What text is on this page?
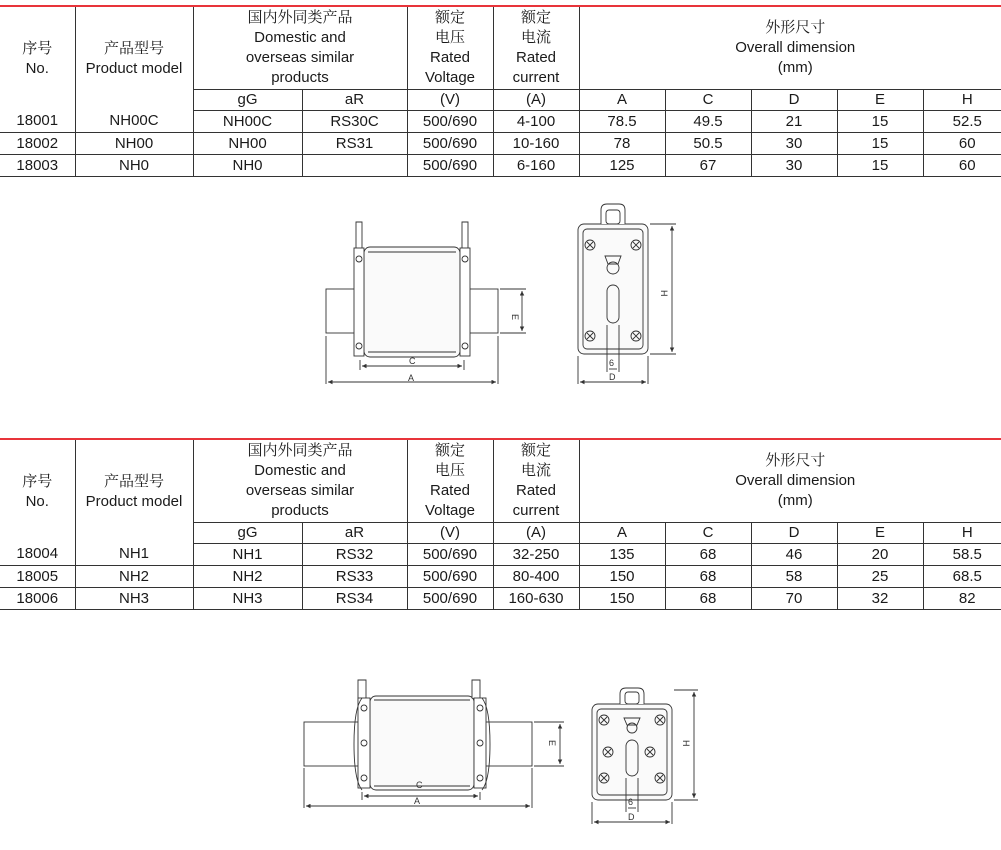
序号
No.	产品型号
Product model	国内外同类产品
Domestic and
overseas similar
products		额定
电压
Rated
Voltage	额定
电流
Rated
current	外形尺寸
Overall dimension
(mm)				

		gG	aR	(V)	(A)	A	C	D	E	H
18001	NH00C	NH00C	RS30C	500/690	4-100	78.5	49.5	21	15	52.5
18002	NH00	NH00	RS31	500/690	10-160	78	50.5	30	15	60
18003	NH0	NH0		500/690	6-160	125	67	30	15	60
序号
No.	产品型号
Product model	国内外同类产品
Domestic and
overseas similar
products		额定
电压
Rated
Voltage	额定
电流
Rated
current	外形尺寸
Overall dimension
(mm)				

		gG	aR	(V)	(A)	A	C	D	E	H
18004	NH1	NH1	RS32	500/690	32-250	135	68	46	20	58.5
18005	NH2	NH2	RS33	500/690	80-400	150	68	58	25	68.5
18006	NH3	NH3	RS34	500/690	160-630	150	68	70	32	82
C
A
E
6
D
H
C
A
E
6
D
H
